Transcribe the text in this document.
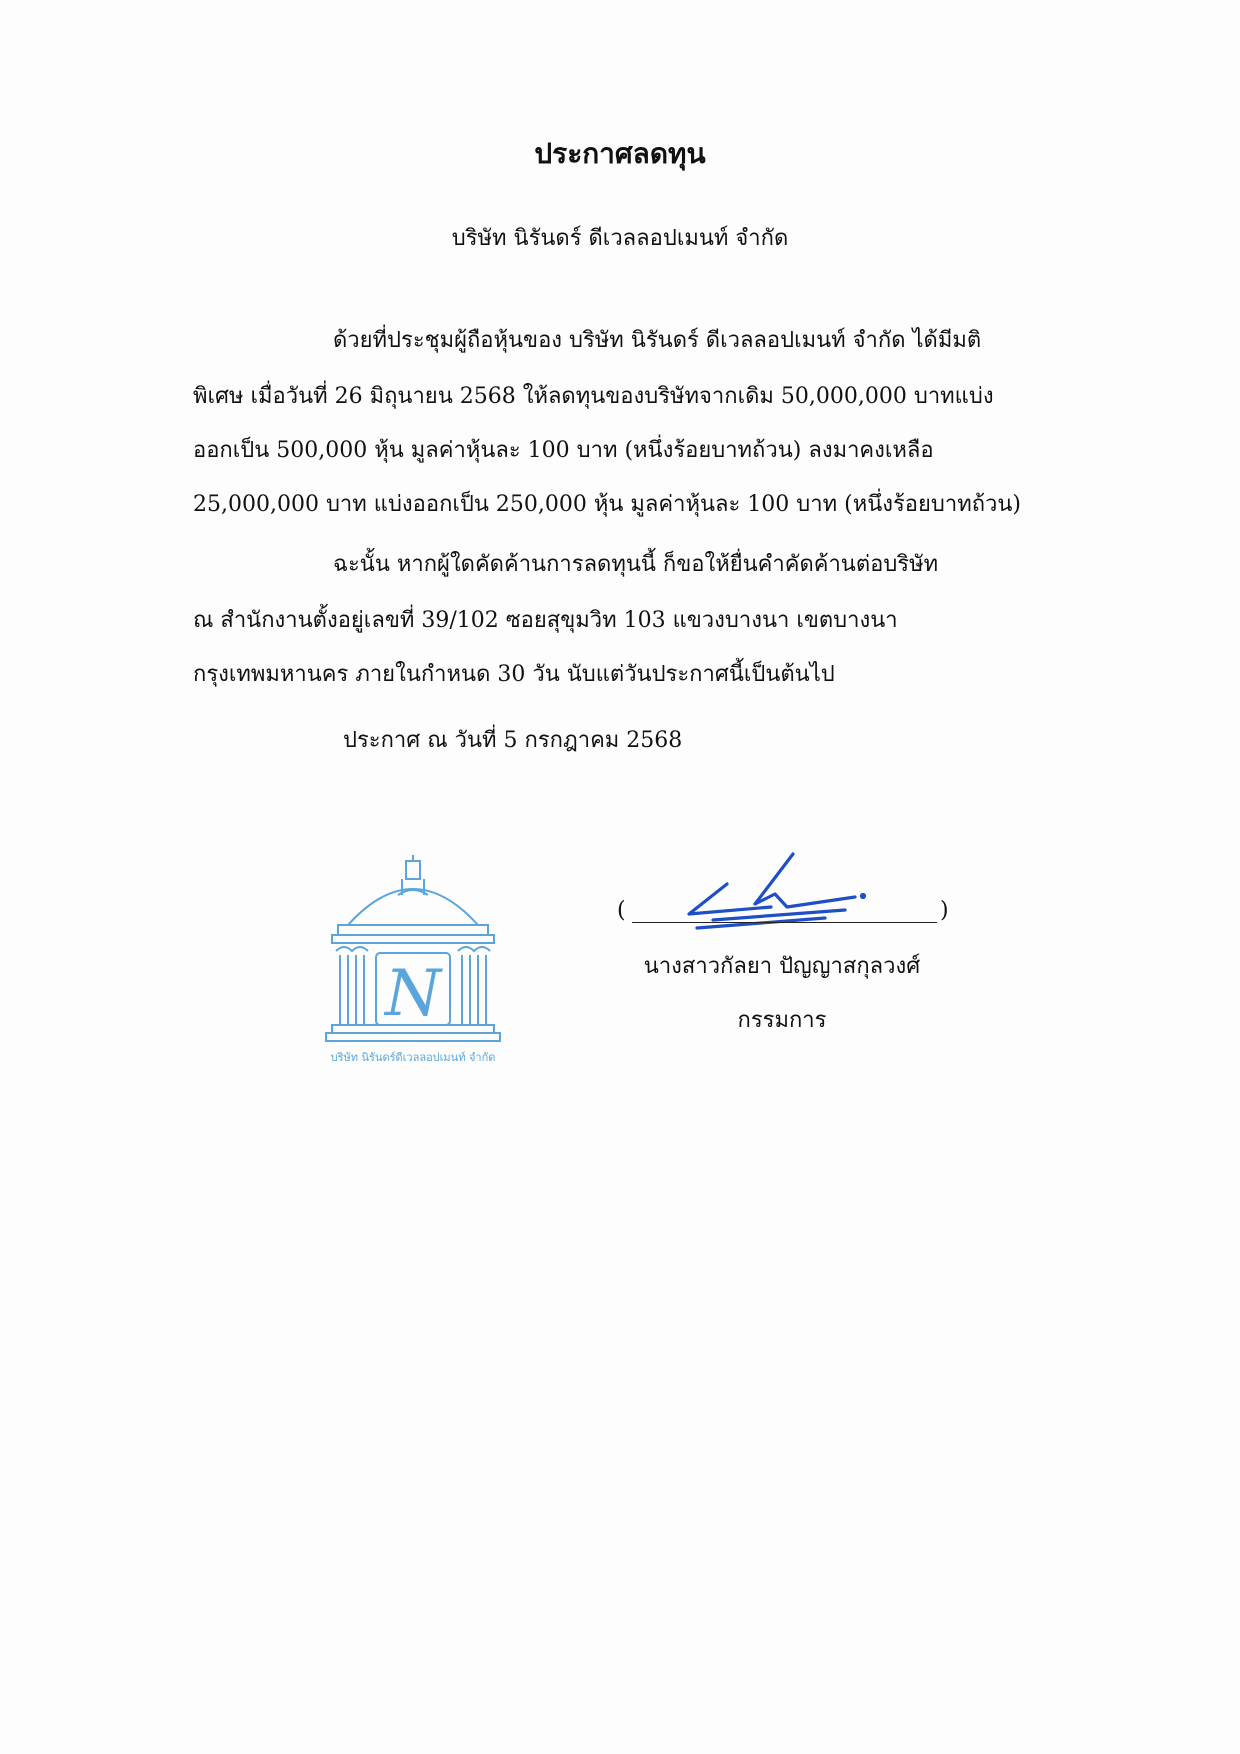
ประกาศลดทุน
บริษัท นิรันดร์ ดีเวลลอปเมนท์ จำกัด
ด้วยที่ประชุมผู้ถือหุ้นของ บริษัท นิรันดร์ ดีเวลลอปเมนท์ จำกัด ได้มีมติ
พิเศษ เมื่อวันที่ 26 มิถุนายน 2568 ให้ลดทุนของบริษัทจากเดิม 50,000,000 บาทแบ่ง
ออกเป็น 500,000 หุ้น มูลค่าหุ้นละ 100 บาท (หนึ่งร้อยบาทถ้วน) ลงมาคงเหลือ
25,000,000 บาท แบ่งออกเป็น 250,000 หุ้น มูลค่าหุ้นละ 100 บาท (หนึ่งร้อยบาทถ้วน)
ฉะนั้น หากผู้ใดคัดค้านการลดทุนนี้ ก็ขอให้ยื่นคำคัดค้านต่อบริษัท
ณ สำนักงานตั้งอยู่เลขที่ 39/102 ซอยสุขุมวิท 103 แขวงบางนา เขตบางนา
กรุงเทพมหานคร ภายในกำหนด 30 วัน นับแต่วันประกาศนี้เป็นต้นไป
ประกาศ ณ วันที่ 5 กรกฎาคม 2568
N
บริษัท นิรันดร์ดีเวลลอปเมนท์ จำกัด
(	)
นางสาวกัลยา ปัญญาสกุลวงศ์
กรรมการ
